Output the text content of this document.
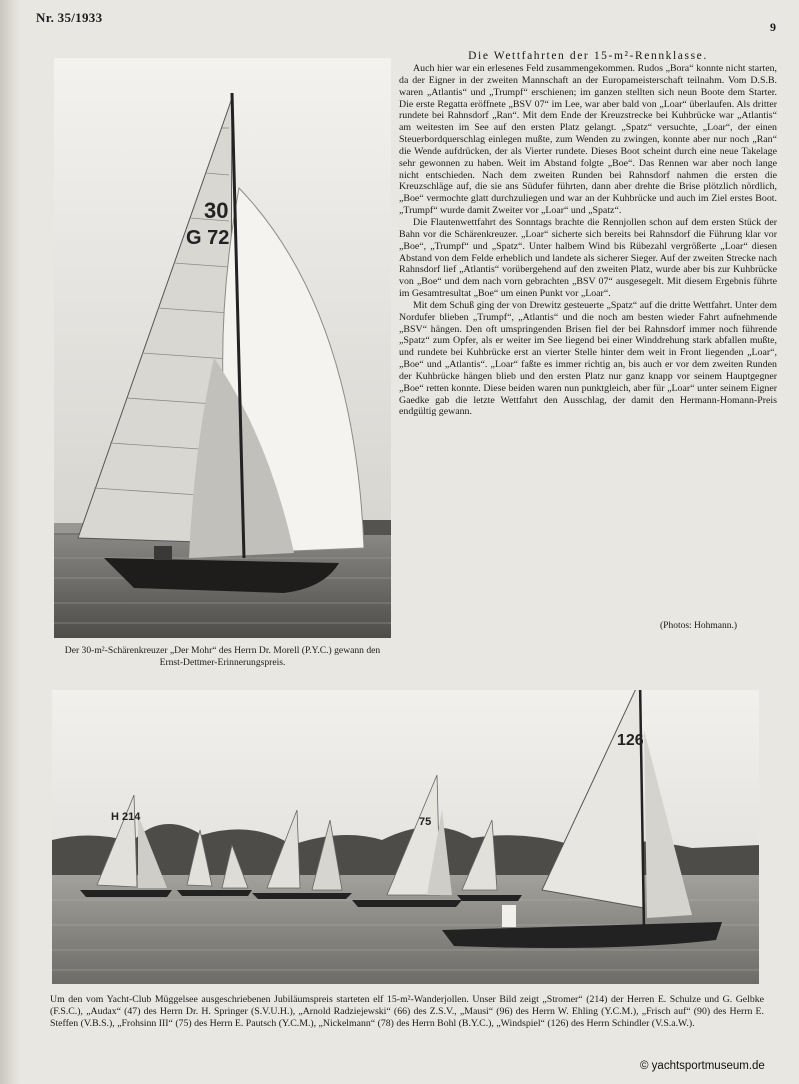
Nr. 35/1933
9
Die Wettfahrten der 15-m²-Rennklasse.

Auch hier war ein erlesenes Feld zusammengekommen. Rudos „Bora“ konnte nicht starten, da der Eigner in der zweiten Mannschaft an der Europameisterschaft teilnahm. Vom D.S.B. waren „Atlantis“ und „Trumpf“ erschienen; im ganzen stellten sich neun Boote dem Starter. Die erste Regatta eröffnete „BSV 07“ im Lee, war aber bald von „Loar“ überlaufen. Als dritter rundete bei Rahnsdorf „Ran“. Mit dem Ende der Kreuzstrecke bei Kuhbrücke war „Atlantis“ am weitesten im See auf den ersten Platz gelangt. „Spatz“ versuchte, „Loar“, der einen Steuerbordquerschlag einlegen mußte, zum Wenden zu zwingen, konnte aber nur noch „Ran“ die Wende aufdrücken, der als Vierter rundete. Dieses Boot scheint durch eine neue Takelage sehr gewonnen zu haben. Weit im Abstand folgte „Boe“. Das Rennen war aber noch lange nicht entschieden. Nach dem zweiten Runden bei Rahnsdorf nahmen die ersten die Kreuzschläge auf, die sie ans Südufer führten, dann aber drehte die Brise plötzlich nördlich, „Boe“ vermochte glatt durchzuliegen und war an der Kuhbrücke und auch im Ziel erstes Boot. „Trumpf“ wurde damit Zweiter vor „Loar“ und „Spatz“.

Die Flautenwettfahrt des Sonntags brachte die Rennjollen schon auf dem ersten Stück der Bahn vor die Schärenkreuzer. „Loar“ sicherte sich bereits bei Rahnsdorf die Führung klar vor „Boe“, „Trumpf“ und „Spatz“. Unter halbem Wind bis Rübezahl vergrößerte „Loar“ diesen Abstand von dem Felde erheblich und landete als sicherer Sieger. Auf der zweiten Strecke nach Rahnsdorf lief „Atlantis“ vorübergehend auf den zweiten Platz, wurde aber bis zur Kuhbrücke von „Boe“ und dem nach vorn gebrachten „BSV 07“ ausgesegelt. Mit diesem Ergebnis führte im Gesamtresultat „Boe“ um einen Punkt vor „Loar“.

Mit dem Schuß ging der von Drewitz gesteuerte „Spatz“ auf die dritte Wettfahrt. Unter dem Nordufer blieben „Trumpf“, „Atlantis“ und die noch am besten wieder Fahrt aufnehmende „BSV“ hängen. Den oft umspringenden Brisen fiel der bei Rahnsdorf immer noch führende „Spatz“ zum Opfer, als er weiter im See liegend bei einer Winddrehung stark abfallen mußte, und rundete bei Kuhbrücke erst an vierter Stelle hinter dem weit in Front liegenden „Loar“, „Boe“ und „Atlantis“. „Loar“ faßte es immer richtig an, bis auch er vor dem zweiten Runden der Kuhbrücke hängen blieb und den ersten Platz nur ganz knapp vor seinem Hauptgegner „Boe“ retten konnte. Diese beiden waren nun punktgleich, aber für „Loar“ unter seinem Eigner Gaedke gab die letzte Wettfahrt den Ausschlag, der damit den Hermann-Homann-Preis endgültig gewann.

(Photos: Hohmann.)
30
G 72
Der 30-m²-Schärenkreuzer „Der Mohr“ des Herrn Dr. Morell (P.Y.C.) gewann den Ernst-Dettmer-Erinnerungspreis.
H 214	75
126
Um den vom Yacht-Club Müggelsee ausgeschriebenen Jubiläumspreis starteten elf 15-m²-Wanderjollen. Unser Bild zeigt „Stromer“ (214) der Herren E. Schulze und G. Gelbke (F.S.C.), „Audax“ (47) des Herrn Dr. H. Springer (S.V.U.H.), „Arnold Radziejewski“ (66) des Z.S.V., „Mausi“ (96) des Herrn W. Ehling (Y.C.M.), „Frisch auf“ (90) des Herrn E. Steffen (V.B.S.), „Frohsinn III“ (75) des Herrn E. Pautsch (Y.C.M.), „Nickelmann“ (78) des Herrn Bohl (B.Y.C.), „Windspiel“ (126) des Herrn Schindler (V.S.a.W.).
© yachtsportmuseum.de
